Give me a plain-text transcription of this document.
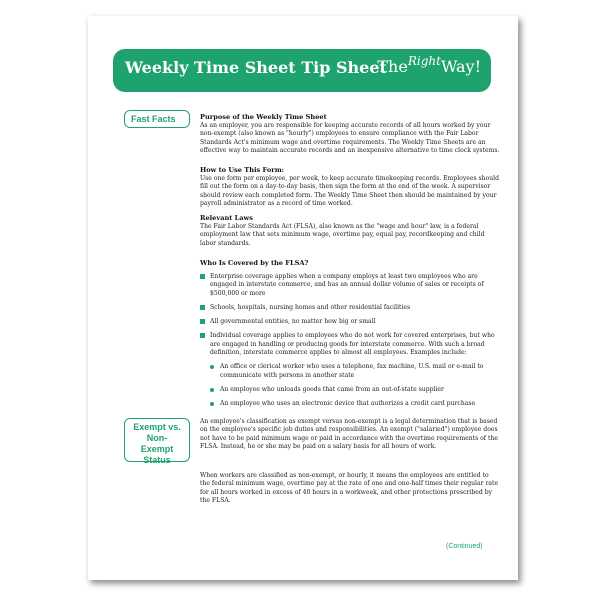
Weekly Time Sheet Tip Sheet
The$^{Right}$Way!
Fast Facts	Purpose of the Weekly Time Sheet

As an employer, you are responsible for keeping accurate records of all hours worked by your non-exempt (also known as "hourly") employees to ensure compliance with the Fair Labor Standards Act's minimum wage and overtime requirements. The Weekly Time Sheets are an effective way to maintain accurate records and an inexpensive alternative to time clock systems.

How to Use This Form:

Use one form per employee, per week, to keep accurate timekeeping records. Employees should fill out the form on a day-to-day basis, then sign the form at the end of the week. A supervisor should review each completed form. The Weekly Time Sheet then should be maintained by your payroll administrator as a record of time worked.

Relevant Laws

The Fair Labor Standards Act (FLSA), also known as the "wage and hour" law, is a federal employment law that sets minimum wage, overtime pay, equal pay, recordkeeping and child labor standards.

Who Is Covered by the FLSA?

Enterprise coverage applies when a company employs at least two employees who are engaged in interstate commerce, and has an annual dollar volume of sales or receipts of $500,000 or more

Schools, hospitals, nursing homes and other residential facilities

All governmental entities, no matter how big or small

Individual coverage applies to employees who do not work for covered enterprises, but who are engaged in handling or producing goods for interstate commerce. With such a broad definition, interstate commerce applies to almost all employees. Examples include:

An office or clerical worker who uses a telephone, fax machine, U.S. mail or e-mail to communicate with persons in another state

An employee who unloads goods that came from an out-of-state supplier

An employee who uses an electronic device that authorizes a credit card purchase

Exempt vs. Non-Exempt Status

An employee's classification as exempt versus non-exempt is a legal determination that is based on the employee's specific job duties and responsibilities. An exempt ("salaried") employee does not have to be paid minimum wage or paid in accordance with the overtime requirements of the FLSA. Instead, he or she may be paid on a salary basis for all hours of work.

When workers are classified as non-exempt, or hourly, it means the employees are entitled to the federal minimum wage, overtime pay at the rate of one and one-half times their regular rate for all hours worked in excess of 40 hours in a workweek, and other protections prescribed by the FLSA.

(Continued)
